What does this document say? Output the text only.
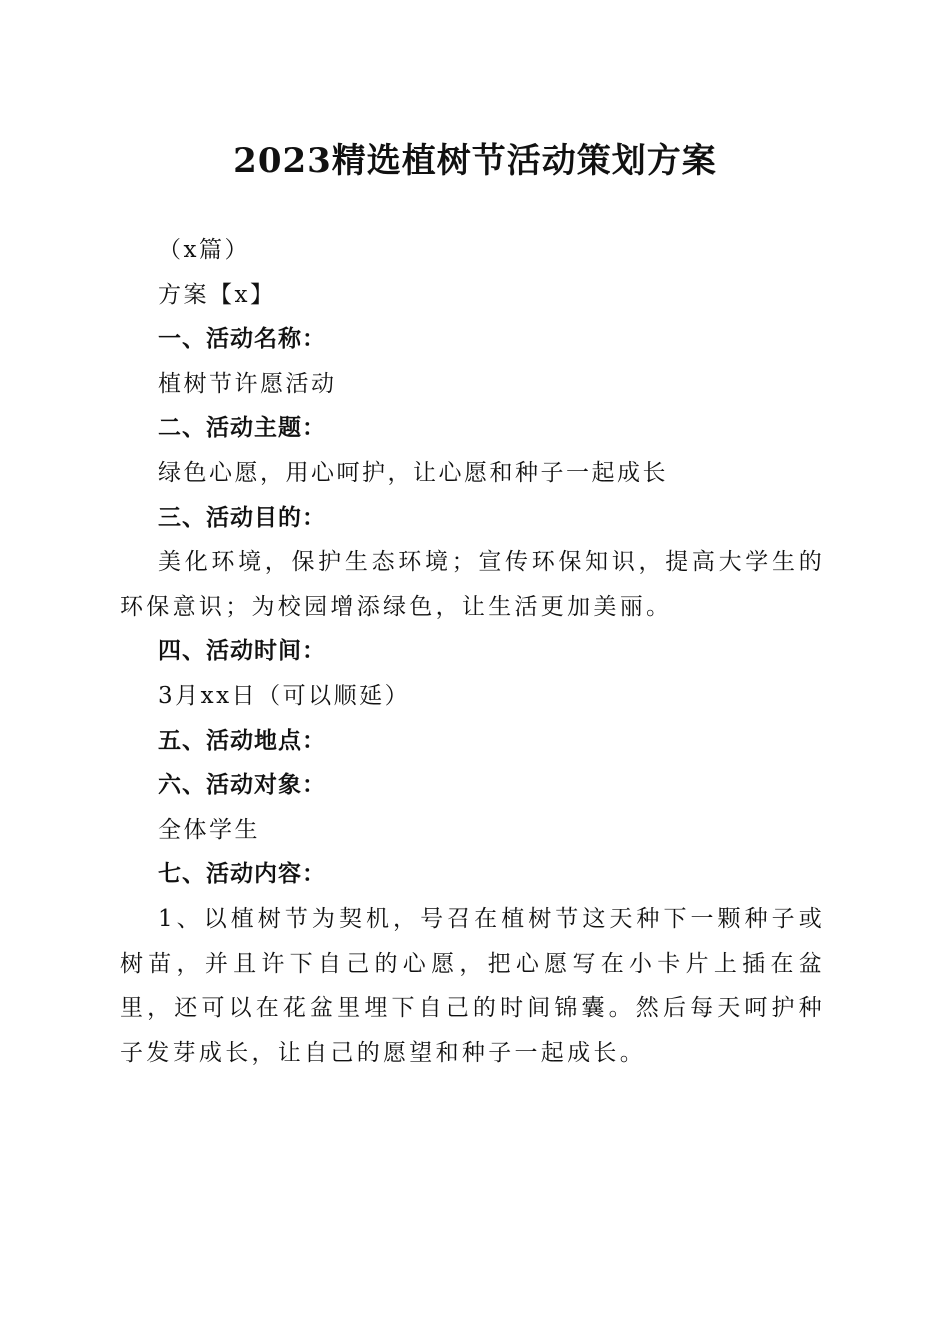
2023精选植树节活动策划方案
（x篇）
方案【x】
一、活动名称：
植树节许愿活动
二、活动主题：
绿色心愿，用心呵护，让心愿和种子一起成长
三、活动目的：

美化环境，保护生态环境；宣传环保知识，提高大学生的环保意识；为校园增添绿色，让生活更加美丽。

四、活动时间：
3月xx日（可以顺延）
五、活动地点：
六、活动对象：
全体学生
七、活动内容：

1、以植树节为契机，号召在植树节这天种下一颗种子或树苗，并且许下自己的心愿，把心愿写在小卡片上插在盆里，还可以在花盆里埋下自己的时间锦囊。然后每天呵护种子发芽成长，让自己的愿望和种子一起成长。
